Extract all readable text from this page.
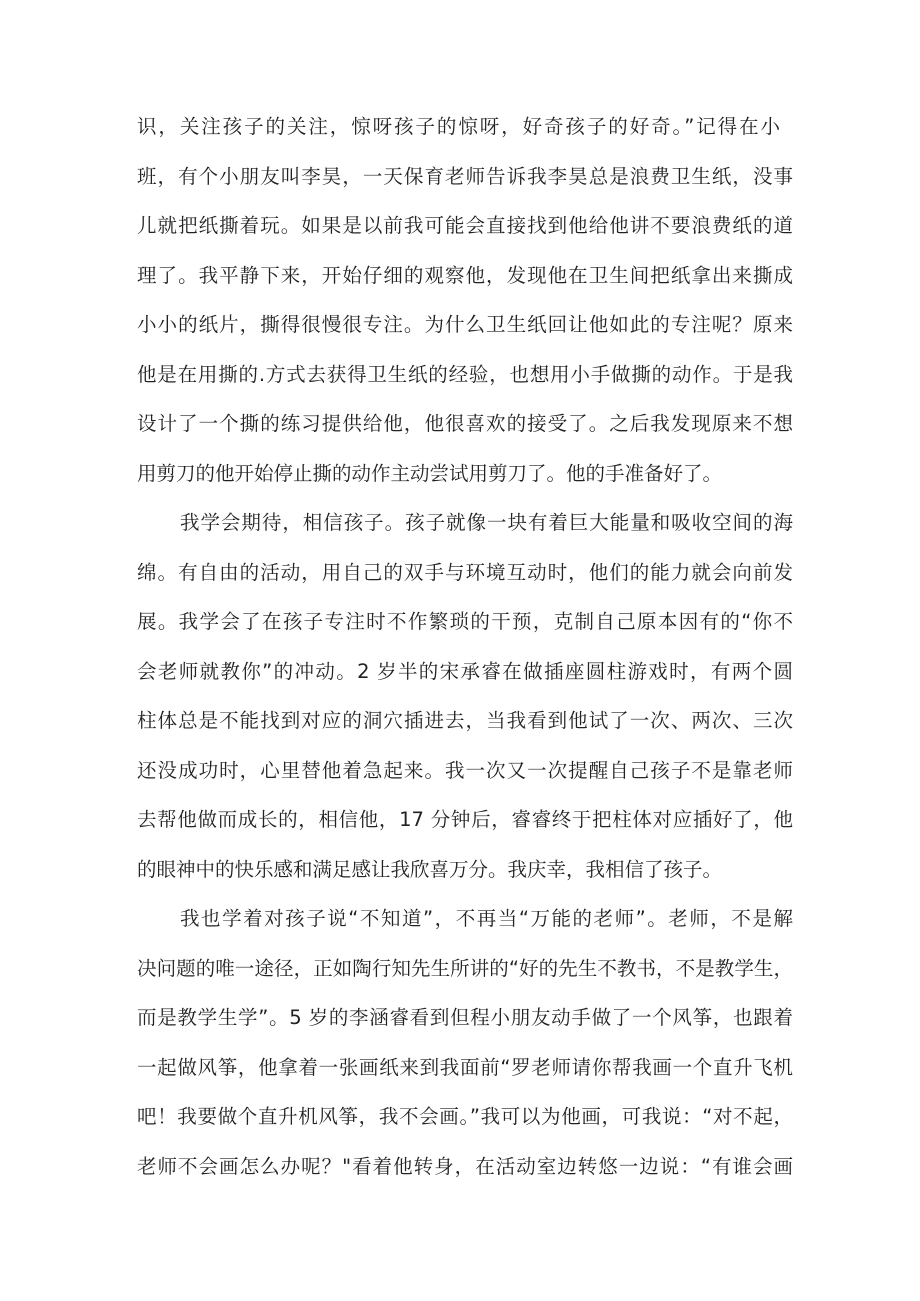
识，关注孩子的关注，惊呀孩子的惊呀，好奇孩子的好奇。”记得在小

班，有个小朋友叫李昊，一天保育老师告诉我李昊总是浪费卫生纸，没事

儿就把纸撕着玩。如果是以前我可能会直接找到他给他讲不要浪费纸的道

理了。我平静下来，开始仔细的观察他，发现他在卫生间把纸拿出来撕成

小小的纸片，撕得很慢很专注。为什么卫生纸回让他如此的专注呢？原来

他是在用撕的.方式去获得卫生纸的经验，也想用小手做撕的动作。于是我

设计了一个撕的练习提供给他，他很喜欢的接受了。之后我发现原来不想

用剪刀的他开始停止撕的动作主动尝试用剪刀了。他的手准备好了。

我学会期待，相信孩子。孩子就像一块有着巨大能量和吸收空间的海

绵。有自由的活动，用自己的双手与环境互动时，他们的能力就会向前发

展。我学会了在孩子专注时不作繁琐的干预，克制自己原本因有的“你不

会老师就教你”的冲动。2 岁半的宋承睿在做插座圆柱游戏时，有两个圆

柱体总是不能找到对应的洞穴插进去，当我看到他试了一次、两次、三次

还没成功时，心里替他着急起来。我一次又一次提醒自己孩子不是靠老师

去帮他做而成长的，相信他，17 分钟后，睿睿终于把柱体对应插好了，他

的眼神中的快乐感和满足感让我欣喜万分。我庆幸，我相信了孩子。

我也学着对孩子说“不知道”，不再当“万能的老师”。老师，不是解

决问题的唯一途径，正如陶行知先生所讲的“好的先生不教书，不是教学生，

而是教学生学”。5 岁的李涵睿看到但程小朋友动手做了一个风筝，也跟着

一起做风筝，他拿着一张画纸来到我面前“罗老师请你帮我画一个直升飞机

吧！我要做个直升机风筝，我不会画。”我可以为他画，可我说：“对不起，

老师不会画怎么办呢？"看着他转身，在活动室边转悠一边说：“有谁会画
